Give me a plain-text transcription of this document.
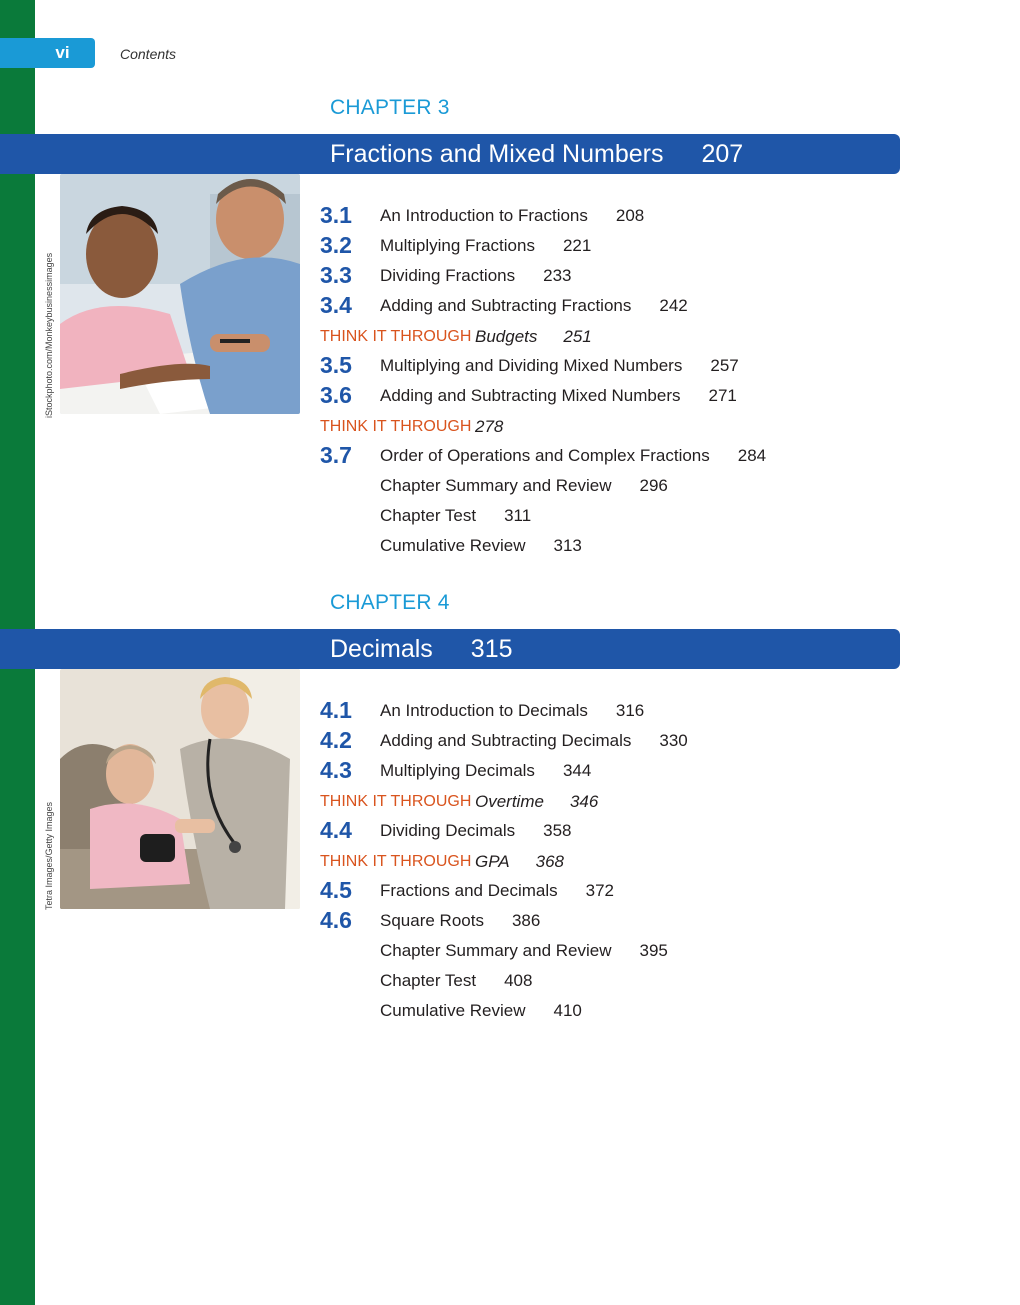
vi	Contents
CHAPTER 3
Fractions and Mixed Numbers 207
iStockphoto.com/Monkeybusinessimages
3.1 An Introduction to Fractions 208
3.2 Multiplying Fractions 221
3.3 Dividing Fractions 233
3.4 Adding and Subtracting Fractions 242
THINK IT THROUGH Budgets 251
3.5 Multiplying and Dividing Mixed Numbers 257
3.6 Adding and Subtracting Mixed Numbers 271
THINK IT THROUGH 278
3.7 Order of Operations and Complex Fractions 284
Chapter Summary and Review 296
Chapter Test 311
Cumulative Review 313
CHAPTER 4
Decimals 315
Tetra Images/Getty Images
4.1 An Introduction to Decimals 316
4.2 Adding and Subtracting Decimals 330
4.3 Multiplying Decimals 344
THINK IT THROUGH Overtime 346
4.4 Dividing Decimals 358
THINK IT THROUGH GPA 368
4.5 Fractions and Decimals 372
4.6 Square Roots 386
Chapter Summary and Review 395
Chapter Test 408
Cumulative Review 410
